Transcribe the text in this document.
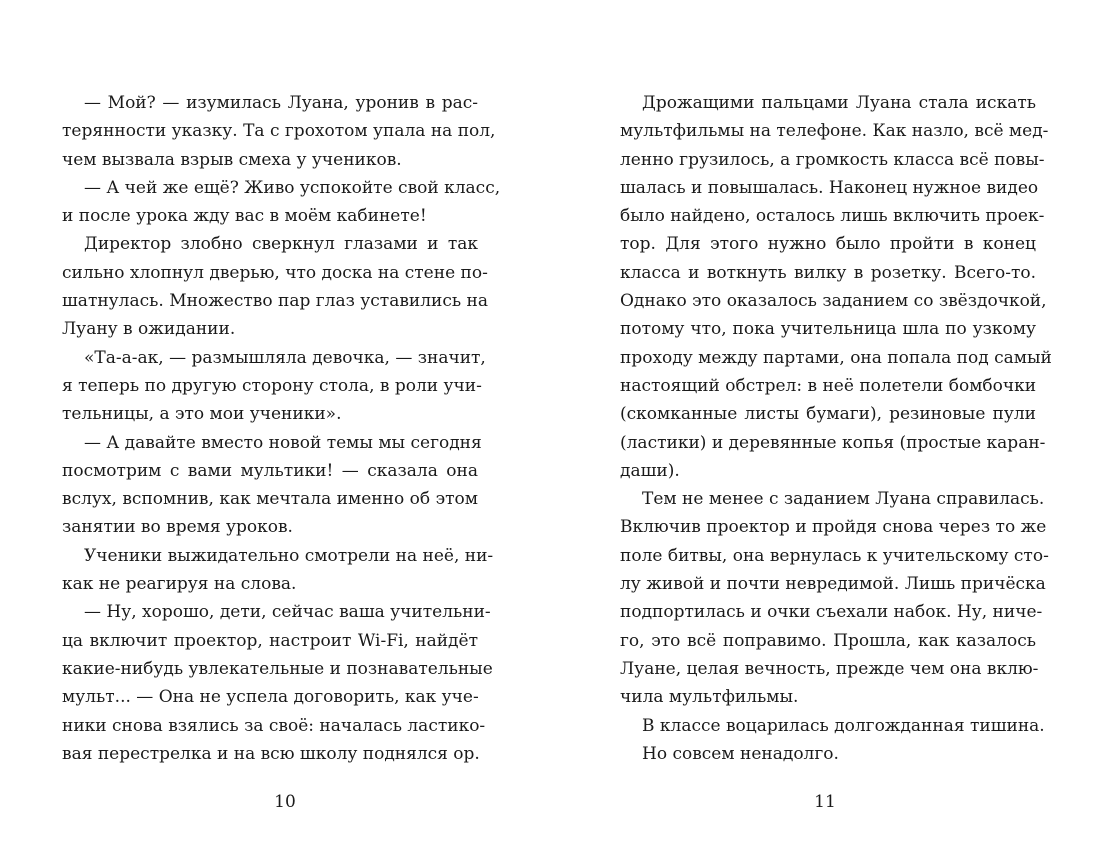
— Мой? — изумилась Луана, уронив в рас-
терянности указку. Та с грохотом упала на пол,
чем вызвала взрыв смеха у учеников.
— А чей же ещё? Живо успокойте свой класс,
и после урока жду вас в моём кабинете!
Директор злобно сверкнул глазами и так
сильно хлопнул дверью, что доска на стене по-
шатнулась. Множество пар глаз уставились на
Луану в ожидании.
«Та-а-ак, — размышляла девочка, — значит,
я теперь по другую сторону стола, в роли учи-
тельницы, а это мои ученики».
— А давайте вместо новой темы мы сегодня
посмотрим с вами мультики! — сказала она
вслух, вспомнив, как мечтала именно об этом
занятии во время уроков.
Ученики выжидательно смотрели на неё, ни-
как не реагируя на слова.
— Ну, хорошо, дети, сейчас ваша учительни-
ца включит проектор, настроит Wi-Fi, найдёт
какие-нибудь увлекательные и познавательные
мульт... — Она не успела договорить, как уче-
ники снова взялись за своё: началась ластико-
вая перестрелка и на всю школу поднялся ор.
Дрожащими пальцами Луана стала искать
мультфильмы на телефоне. Как назло, всё мед-
ленно грузилось, а громкость класса всё повы-
шалась и повышалась. Наконец нужное видео
было найдено, осталось лишь включить проек-
тор. Для этого нужно было пройти в конец
класса и воткнуть вилку в розетку. Всего-то.
Однако это оказалось заданием со звёздочкой,
потому что, пока учительница шла по узкому
проходу между партами, она попала под самый
настоящий обстрел: в неё полетели бомбочки
(скомканные листы бумаги), резиновые пули
(ластики) и деревянные копья (простые каран-
даши).
Тем не менее с заданием Луана справилась.
Включив проектор и пройдя снова через то же
поле битвы, она вернулась к учительскому сто-
лу живой и почти невредимой. Лишь причёска
подпортилась и очки съехали набок. Ну, ниче-
го, это всё поправимо. Прошла, как казалось
Луане, целая вечность, прежде чем она вклю-
чила мультфильмы.
В классе воцарилась долгожданная тишина.
Но совсем ненадолго.
10	11
